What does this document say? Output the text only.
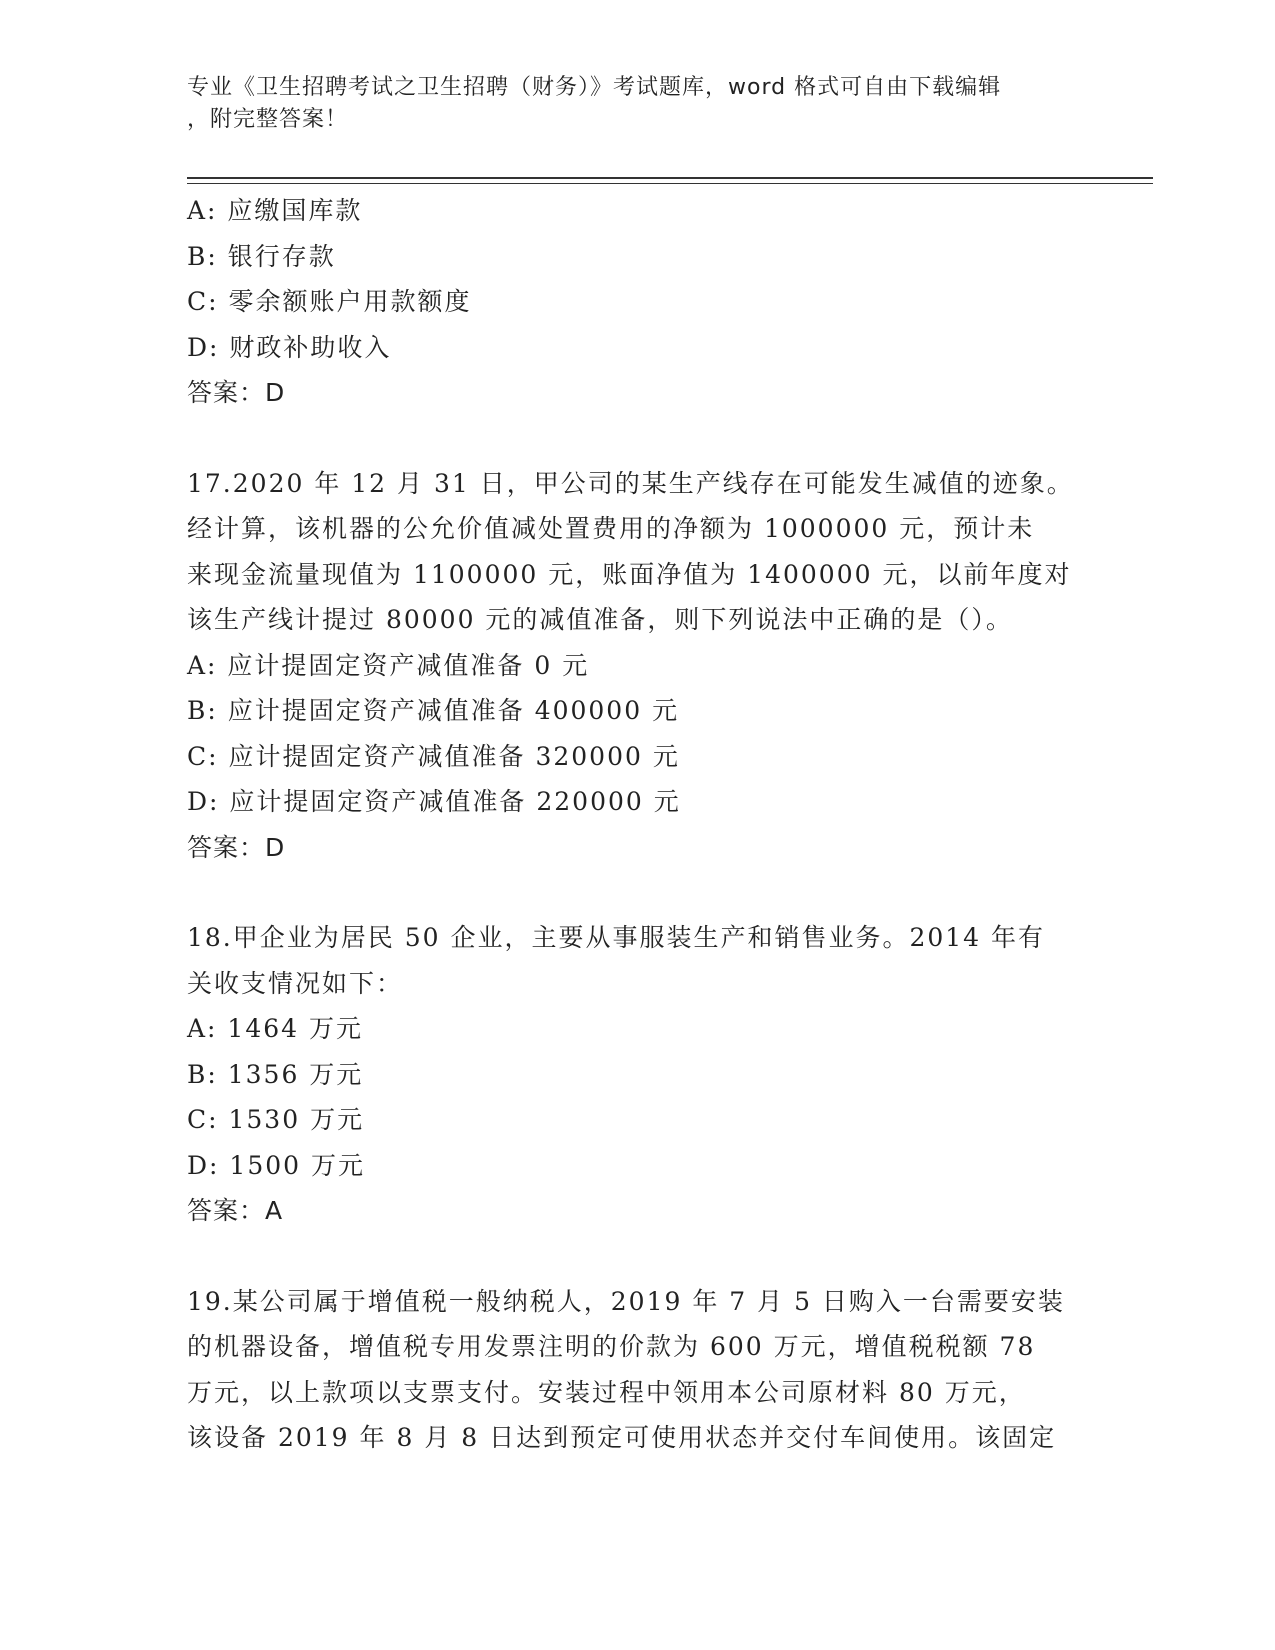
专业《卫生招聘考试之卫生招聘（财务）》考试题库，word 格式可自由下载编辑
，附完整答案！
A: 应缴国库款
B: 银行存款
C: 零余额账户用款额度
D: 财政补助收入
答案：D
17.2020 年 12 月 31 日，甲公司的某生产线存在可能发生减值的迹象。
经计算，该机器的公允价值减处置费用的净额为 1000000 元，预计未
来现金流量现值为 1100000 元，账面净值为 1400000 元，以前年度对
该生产线计提过 80000 元的减值准备，则下列说法中正确的是（）。
A: 应计提固定资产减值准备 0 元
B: 应计提固定资产减值准备 400000 元
C: 应计提固定资产减值准备 320000 元
D: 应计提固定资产减值准备 220000 元
答案：D
18.甲企业为居民 50 企业，主要从事服装生产和销售业务。2014 年有
关收支情况如下：
A: 1464 万元
B: 1356 万元
C: 1530 万元
D: 1500 万元
答案：A
19.某公司属于增值税一般纳税人，2019 年 7 月 5 日购入一台需要安装
的机器设备，增值税专用发票注明的价款为 600 万元，增值税税额 78
万元，以上款项以支票支付。安装过程中领用本公司原材料 80 万元，
该设备 2019 年 8 月 8 日达到预定可使用状态并交付车间使用。该固定
